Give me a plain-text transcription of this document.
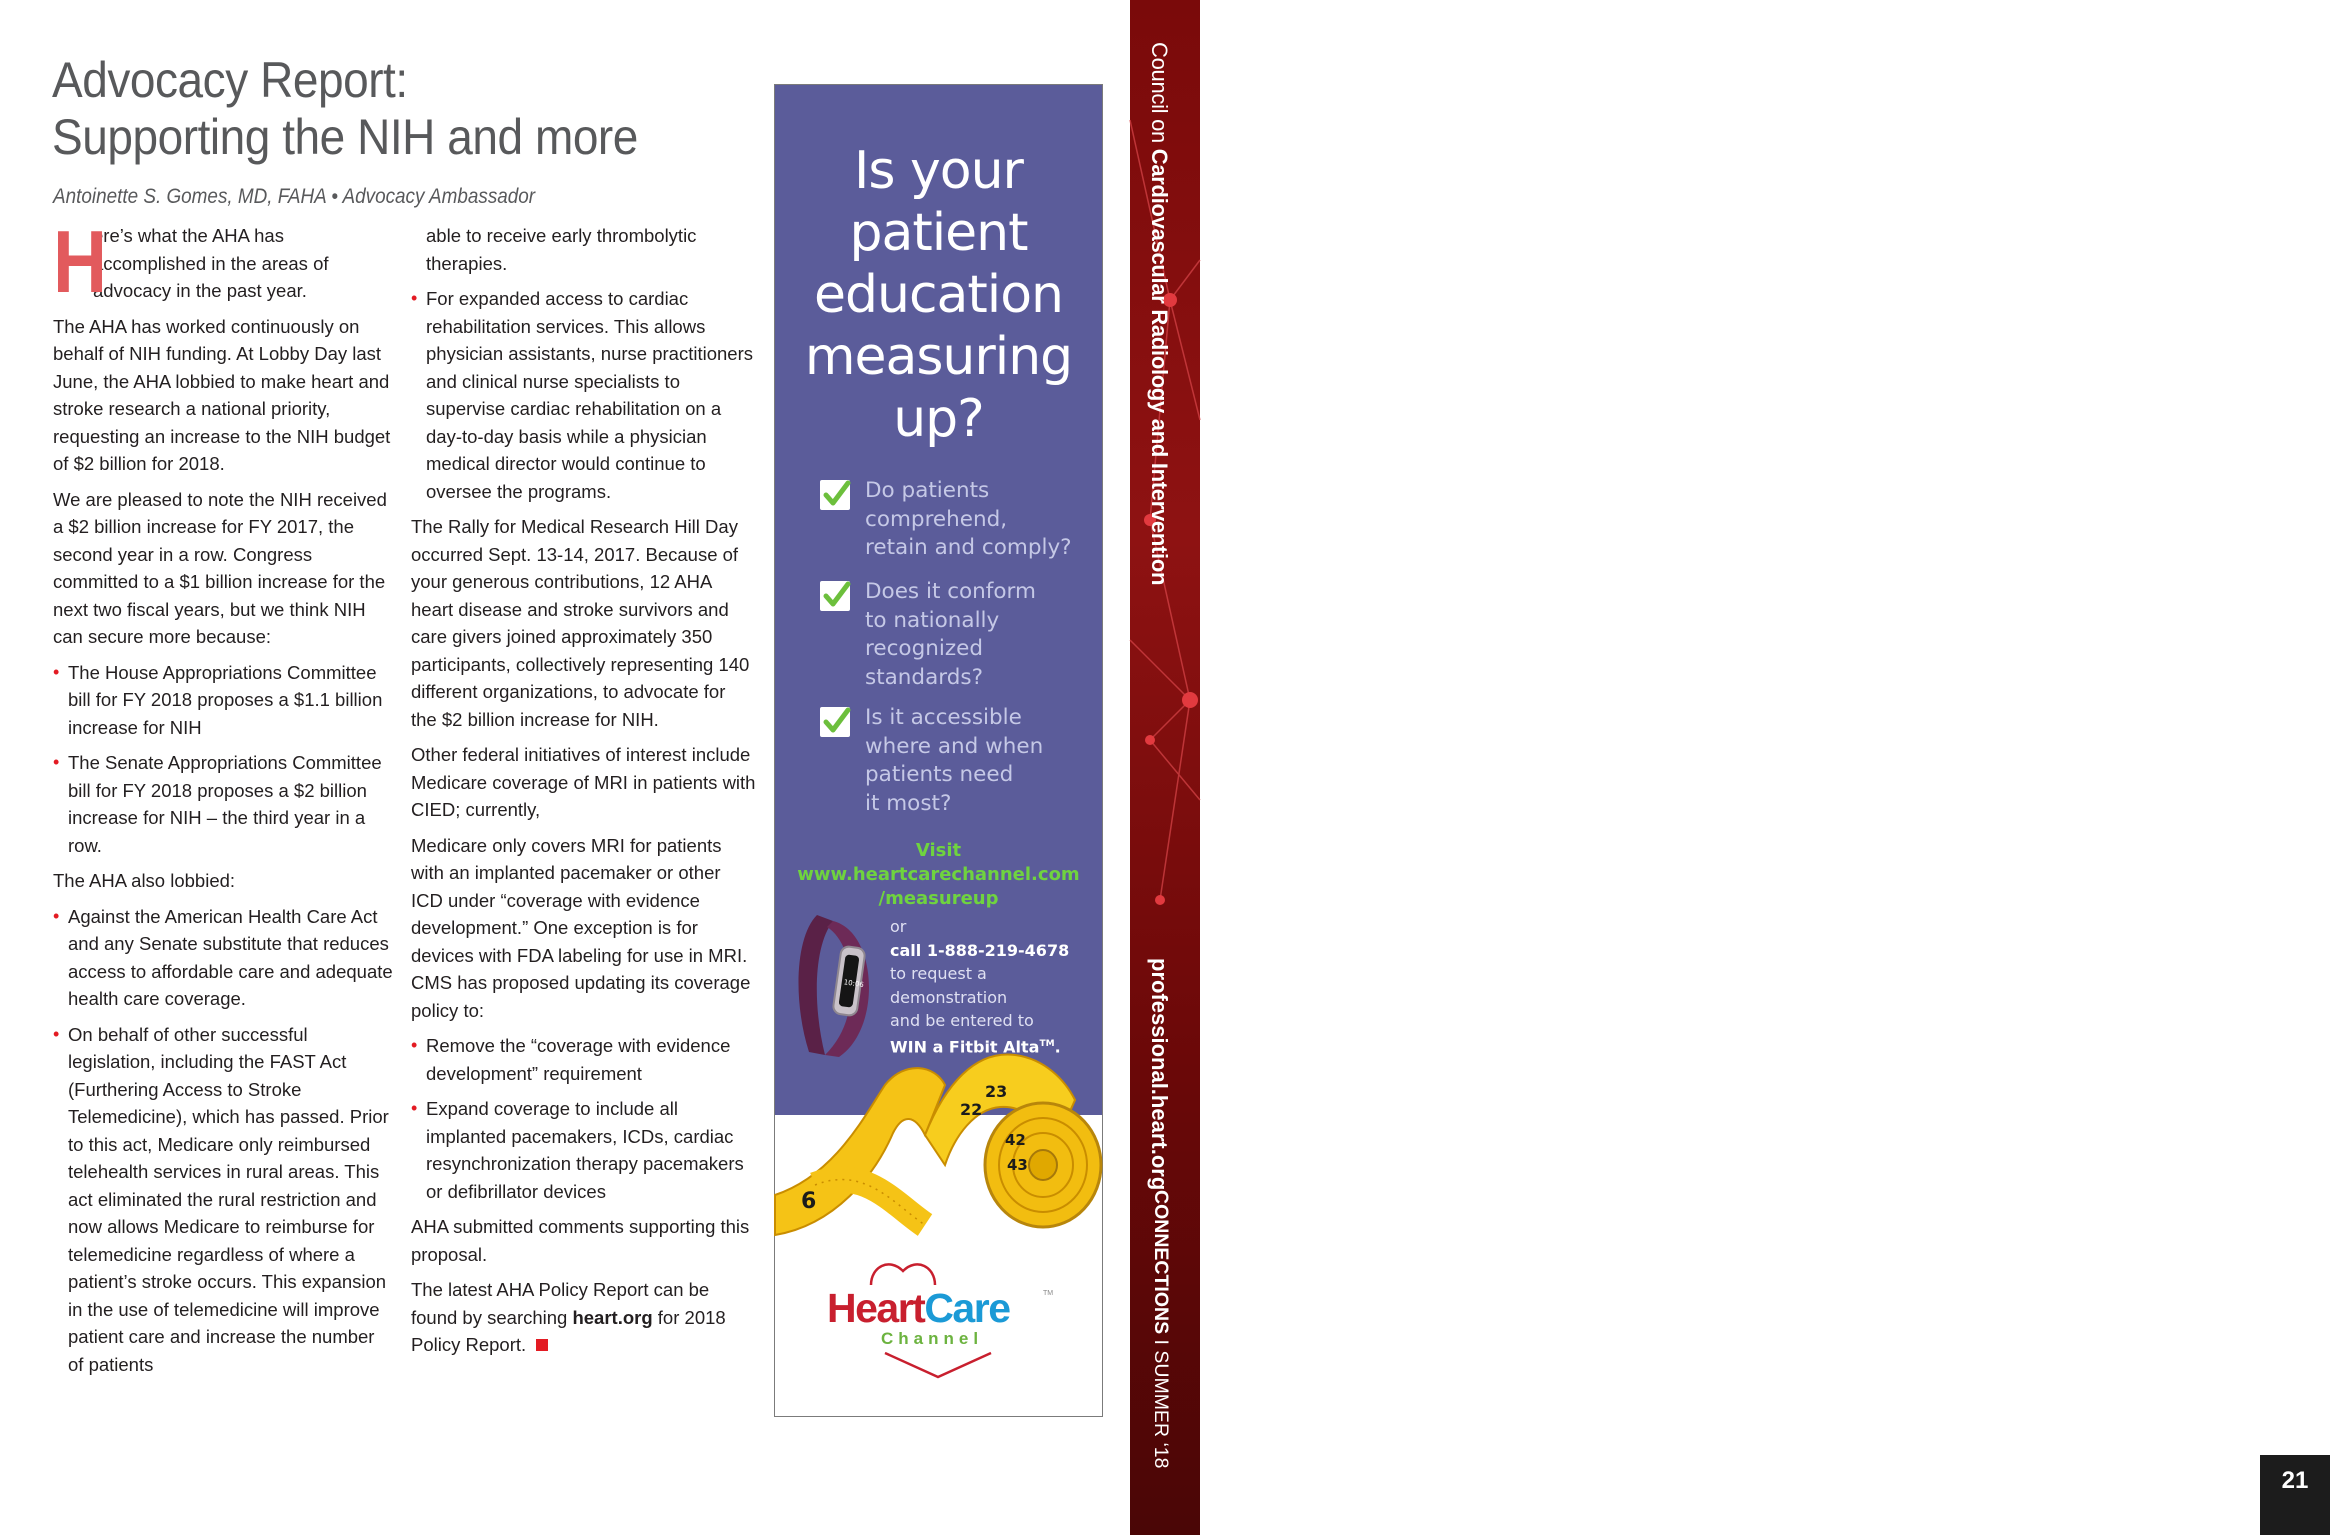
Advocacy Report:
Supporting the NIH and more
Antoinette S. Gomes, MD, FAHA • Advocacy Ambassador
H
ere’s what the AHA has accomplished in the areas of advocacy in the past year.

The AHA has worked continuously on behalf of NIH funding. At Lobby Day last June, the AHA lobbied to make heart and stroke research a national priority, requesting an increase to the NIH budget of $2 billion for 2018.

We are pleased to note the NIH received a $2 billion increase for FY 2017, the second year in a row. Congress committed to a $1 billion increase for the next two fiscal years, but we think NIH can secure more because:

• The House Appropriations Committee bill for FY 2018 proposes a $1.1 billion increase for NIH
• The Senate Appropriations Committee bill for FY 2018 proposes a $2 billion increase for NIH – the third year in a row.

The AHA also lobbied:

• Against the American Health Care Act and any Senate substitute that reduces access to affordable care and adequate health care coverage.
• On behalf of other successful legislation, including the FAST Act (Furthering Access to Stroke Telemedicine), which has passed. Prior to this act, Medicare only reimbursed telehealth services in rural areas. This act eliminated the rural restriction and now allows Medicare to reimburse for telemedicine regardless of where a patient’s stroke occurs. This expansion in the use of telemedicine will improve patient care and increase the number of patients

able to receive early thrombolytic therapies.

• For expanded access to cardiac rehabilitation services. This allows physician assistants, nurse practitioners and clinical nurse specialists to supervise cardiac rehabilitation on a day-to-day basis while a physician medical director would continue to oversee the programs.

The Rally for Medical Research Hill Day occurred Sept. 13-14, 2017. Because of your generous contributions, 12 AHA heart disease and stroke survivors and care givers joined approximately 350 participants, collectively representing 140 different organizations, to advocate for the $2 billion increase for NIH.

Other federal initiatives of interest include Medicare coverage of MRI in patients with CIED; currently,

Medicare only covers MRI for patients with an implanted pacemaker or other ICD under “coverage with evidence development.” One exception is for devices with FDA labeling for use in MRI. CMS has proposed updating its coverage policy to:

• Remove the “coverage with evidence development” requirement
• Expand coverage to include all implanted pacemakers, ICDs, cardiac resynchronization therapy pacemakers or defibrillator devices

AHA submitted comments supporting this proposal.

The latest AHA Policy Report can be found by searching heart.org for 2018 Policy Report.

Is your
patient
education
measuring
up?
Do patients
comprehend,
retain and comply?
Does it conform
to nationally
recognized
standards?
Is it accessible
where and when
patients need
it most?
Visit
www.heartcarechannel.com
/measureup
10:06
or
call 1-888-219-4678
to request a
demonstration
and be entered to
WIN a Fitbit Alta™.
22
23
42
43
6
HeartCare	TM
Channel
21
Council on Cardiovascular Radiology and Intervention
professional.heart.org
CONNECTIONS I SUMMER ‘18
